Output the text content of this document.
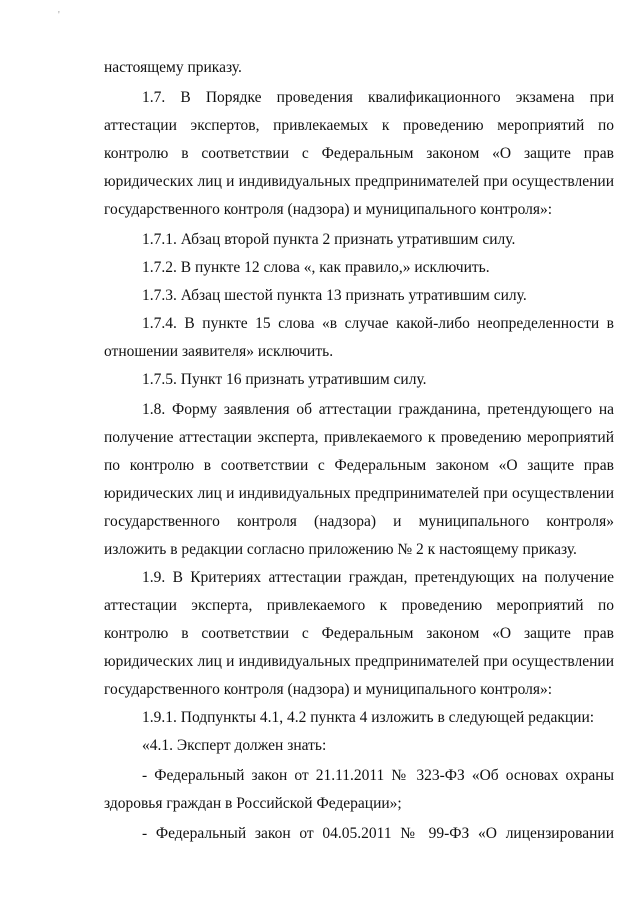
'
настоящему приказу.
1.7. В Порядке проведения квалификационного экзамена при
аттестации экспертов, привлекаемых к проведению мероприятий по
контролю в соответствии с Федеральным законом «О защите прав
юридических лиц и индивидуальных предпринимателей при осуществлении
государственного контроля (надзора) и муниципального контроля»:
1.7.1. Абзац второй пункта 2 признать утратившим силу.
1.7.2. В пункте 12 слова «, как правило,» исключить.
1.7.3. Абзац шестой пункта 13 признать утратившим силу.
1.7.4. В пункте 15 слова «в случае какой-либо неопределенности в
отношении заявителя» исключить.
1.7.5. Пункт 16 признать утратившим силу.
1.8. Форму заявления об аттестации гражданина, претендующего на
получение аттестации эксперта, привлекаемого к проведению мероприятий
по контролю в соответствии с Федеральным законом «О защите прав
юридических лиц и индивидуальных предпринимателей при осуществлении
государственного контроля (надзора) и муниципального контроля»
изложить в редакции согласно приложению № 2 к настоящему приказу.
1.9. В Критериях аттестации граждан, претендующих на получение
аттестации эксперта, привлекаемого к проведению мероприятий по
контролю в соответствии с Федеральным законом «О защите прав
юридических лиц и индивидуальных предпринимателей при осуществлении
государственного контроля (надзора) и муниципального контроля»:
1.9.1. Подпункты 4.1, 4.2 пункта 4 изложить в следующей редакции:
«4.1. Эксперт должен знать:
- Федеральный закон от 21.11.2011 № 323-ФЗ «Об основах охраны
здоровья граждан в Российской Федерации»;
- Федеральный закон от 04.05.2011 № 99-ФЗ «О лицензировании
